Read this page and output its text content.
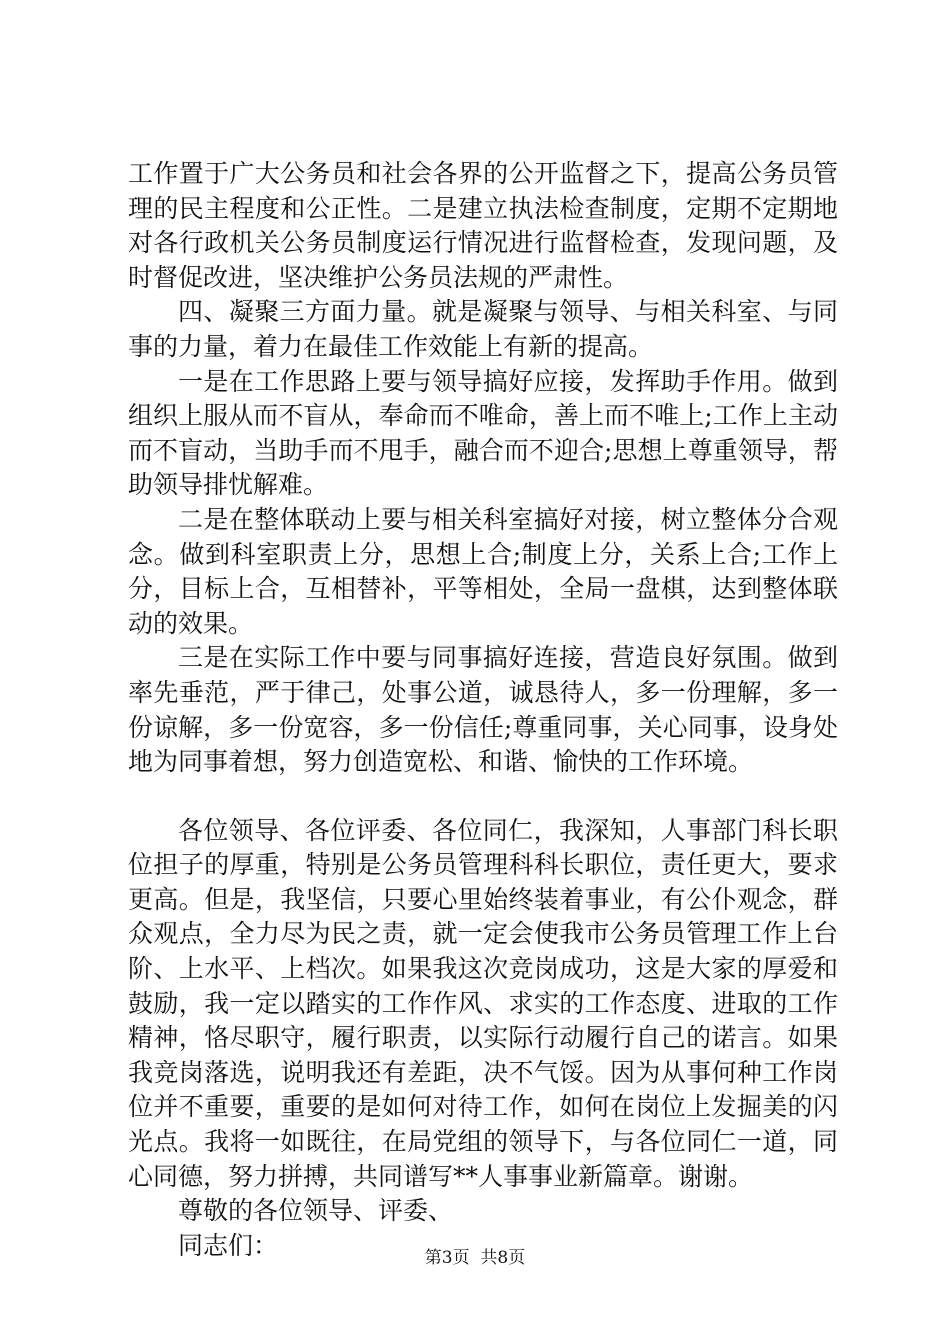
工作置于广大公务员和社会各界的公开监督之下，提高公务员管理的民主程度和公正性。二是建立执法检查制度，定期不定期地对各行政机关公务员制度运行情况进行监督检查，发现问题，及时督促改进，坚决维护公务员法规的严肃性。

四、凝聚三方面力量。就是凝聚与领导、与相关科室、与同事的力量，着力在最佳工作效能上有新的提高。

一是在工作思路上要与领导搞好应接，发挥助手作用。做到组织上服从而不盲从，奉命而不唯命，善上而不唯上;工作上主动而不盲动，当助手而不甩手，融合而不迎合;思想上尊重领导，帮助领导排忧解难。

二是在整体联动上要与相关科室搞好对接，树立整体分合观念。做到科室职责上分，思想上合;制度上分，关系上合;工作上分，目标上合，互相替补，平等相处，全局一盘棋，达到整体联动的效果。

三是在实际工作中要与同事搞好连接，营造良好氛围。做到率先垂范，严于律己，处事公道，诚恳待人，多一份理解，多一份谅解，多一份宽容，多一份信任;尊重同事，关心同事，设身处地为同事着想，努力创造宽松、和谐、愉快的工作环境。

各位领导、各位评委、各位同仁，我深知，人事部门科长职位担子的厚重，特别是公务员管理科科长职位，责任更大，要求更高。但是，我坚信，只要心里始终装着事业，有公仆观念，群众观点，全力尽为民之责，就一定会使我市公务员管理工作上台阶、上水平、上档次。如果我这次竞岗成功，这是大家的厚爱和鼓励，我一定以踏实的工作作风、求实的工作态度、进取的工作精神，恪尽职守，履行职责，以实际行动履行自己的诺言。如果我竞岗落选，说明我还有差距，决不气馁。因为从事何种工作岗位并不重要，重要的是如何对待工作，如何在岗位上发掘美的闪光点。我将一如既往，在局党组的领导下，与各位同仁一道，同心同德，努力拼搏，共同谱写**人事事业新篇章。谢谢。

尊敬的各位领导、评委、

同志们：	第3页  共8页
